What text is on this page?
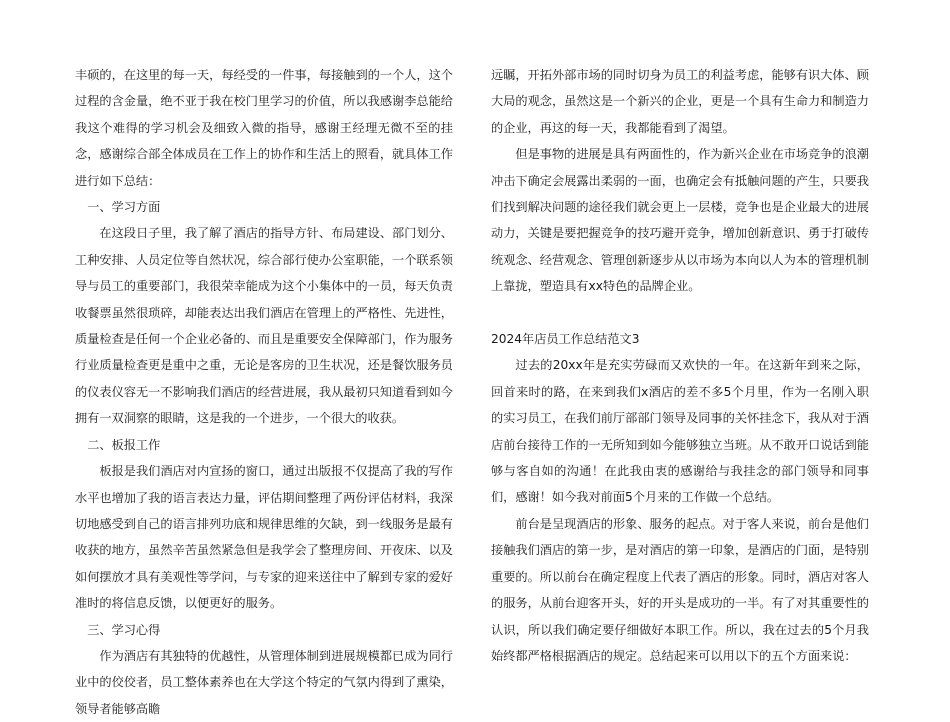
丰硕的，在这里的每一天，每经受的一件事，每接触到的一个人，这个过程的含金量，绝不亚于我在校门里学习的价值，所以我感谢李总能给我这个难得的学习机会及细致入微的指导，感谢王经理无微不至的挂念，感谢综合部全体成员在工作上的协作和生活上的照看，就具体工作进行如下总结：

一、学习方面

在这段日子里，我了解了酒店的指导方针、布局建设、部门划分、工种安排、人员定位等自然状况，综合部行使办公室职能，一个联系领导与员工的重要部门，我很荣幸能成为这个小集体中的一员，每天负责收餐票虽然很琐碎，却能表达出我们酒店在管理上的严格性、先进性，质量检查是任何一个企业必备的、而且是重要安全保障部门，作为服务行业质量检查更是重中之重，无论是客房的卫生状况，还是餐饮服务员的仪表仪容无一不影响我们酒店的经营进展，我从最初只知道看到如今拥有一双洞察的眼睛，这是我的一个进步，一个很大的收获。

二、板报工作

板报是我们酒店对内宣扬的窗口，通过出版报不仅提高了我的写作水平也增加了我的语言表达力量，评估期间整理了两份评估材料，我深切地感受到自己的语言排列功底和规律思维的欠缺，到一线服务是最有收获的地方，虽然辛苦虽然紧急但是我学会了整理房间、开夜床、以及如何摆放才具有美观性等学问，与专家的迎来送往中了解到专家的爱好准时的将信息反馈，以便更好的服务。

三、学习心得

作为酒店有其独特的优越性，从管理体制到进展规模都已成为同行业中的佼佼者，员工整体素养也在大学这个特定的气氛内得到了熏染，领导者能够高瞻

远瞩，开拓外部市场的同时切身为员工的利益考虑，能够有识大体、顾大局的观念，虽然这是一个新兴的企业，更是一个具有生命力和制造力的企业，再这的每一天，我都能看到了渴望。

但是事物的进展是具有两面性的，作为新兴企业在市场竞争的浪潮冲击下确定会展露出柔弱的一面，也确定会有抵触问题的产生，只要我们找到解决问题的途径我们就会更上一层楼，竞争也是企业最大的进展动力，关键是要把握竞争的技巧避开竞争，增加创新意识、勇于打破传统观念、经营观念、管理创新逐步从以市场为本向以人为本的管理机制上靠拢，塑造具有xx特色的品牌企业。

2024年店员工作总结范文3

过去的20xx年是充实劳碌而又欢快的一年。在这新年到来之际，回首来时的路，在来到我们x酒店的差不多5个月里，作为一名刚入职的实习员工，在我们前厅部部门领导及同事的关怀挂念下，我从对于酒店前台接待工作的一无所知到如今能够独立当班。从不敢开口说话到能够与客自如的沟通！在此我由衷的感谢给与我挂念的部门领导和同事们，感谢！如今我对前面5个月来的工作做一个总结。

前台是呈现酒店的形象、服务的起点。对于客人来说，前台是他们接触我们酒店的第一步，是对酒店的第一印象，是酒店的门面，是特别　　重要的。所以前台在确定程度上代表了酒店的形象。同时，酒店对客人的服务，从前台迎客开头，好的开头是成功的一半。有了对其重要性的认识，所以我们确定要仔细做好本职工作。所以，我在过去的5个月我始终都严格根据酒店的规定。总结起来可以用以下的五个方面来说：
